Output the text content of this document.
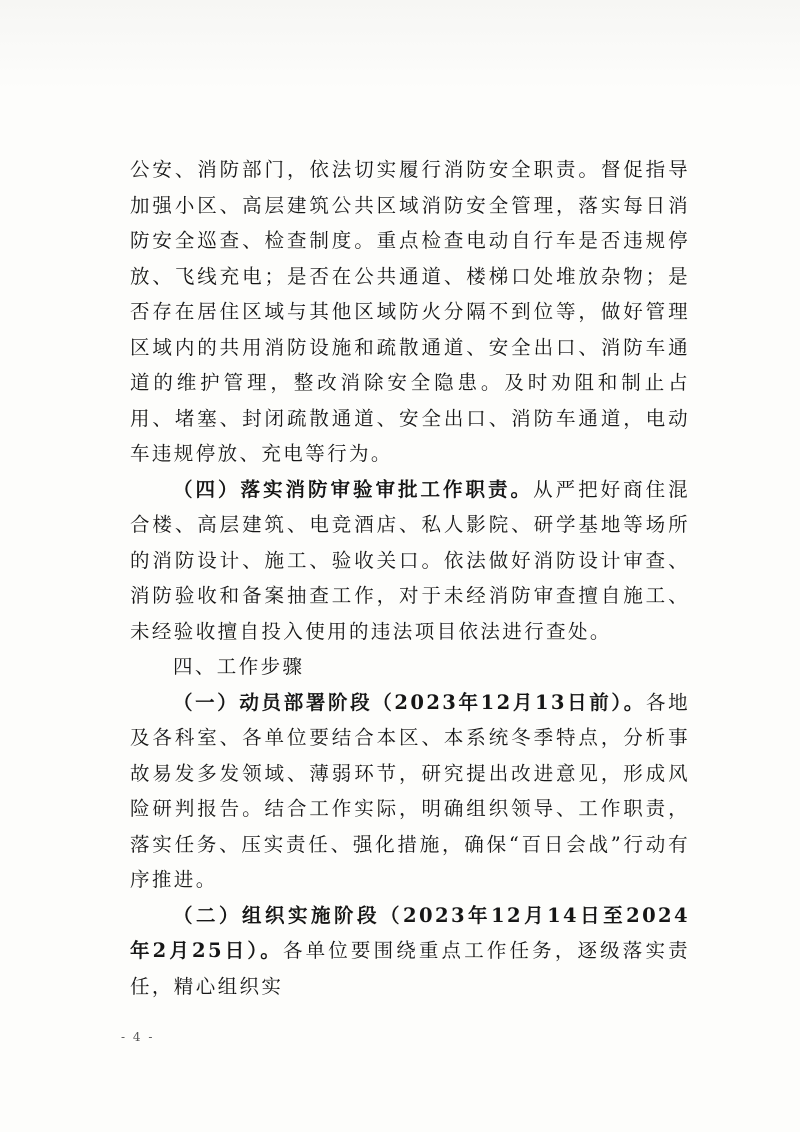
公安、消防部门，依法切实履行消防安全职责。督促指导加强小区、高层建筑公共区域消防安全管理，落实每日消防安全巡查、检查制度。重点检查电动自行车是否违规停放、飞线充电；是否在公共通道、楼梯口处堆放杂物；是否存在居住区域与其他区域防火分隔不到位等，做好管理区域内的共用消防设施和疏散通道、安全出口、消防车通道的维护管理，整改消除安全隐患。及时劝阻和制止占用、堵塞、封闭疏散通道、安全出口、消防车通道，电动车违规停放、充电等行为。

（四）落实消防审验审批工作职责。从严把好商住混合楼、高层建筑、电竞酒店、私人影院、研学基地等场所的消防设计、施工、验收关口。依法做好消防设计审查、消防验收和备案抽查工作，对于未经消防审查擅自施工、未经验收擅自投入使用的违法项目依法进行查处。

四、工作步骤

（一）动员部署阶段（2023年12月13日前）。各地及各科室、各单位要结合本区、本系统冬季特点，分析事故易发多发领域、薄弱环节，研究提出改进意见，形成风险研判报告。结合工作实际，明确组织领导、工作职责，落实任务、压实责任、强化措施，确保“百日会战”行动有序推进。

（二）组织实施阶段（2023年12月14日至2024年2月25日）。各单位要围绕重点工作任务，逐级落实责任，精心组织实

- 4 -
